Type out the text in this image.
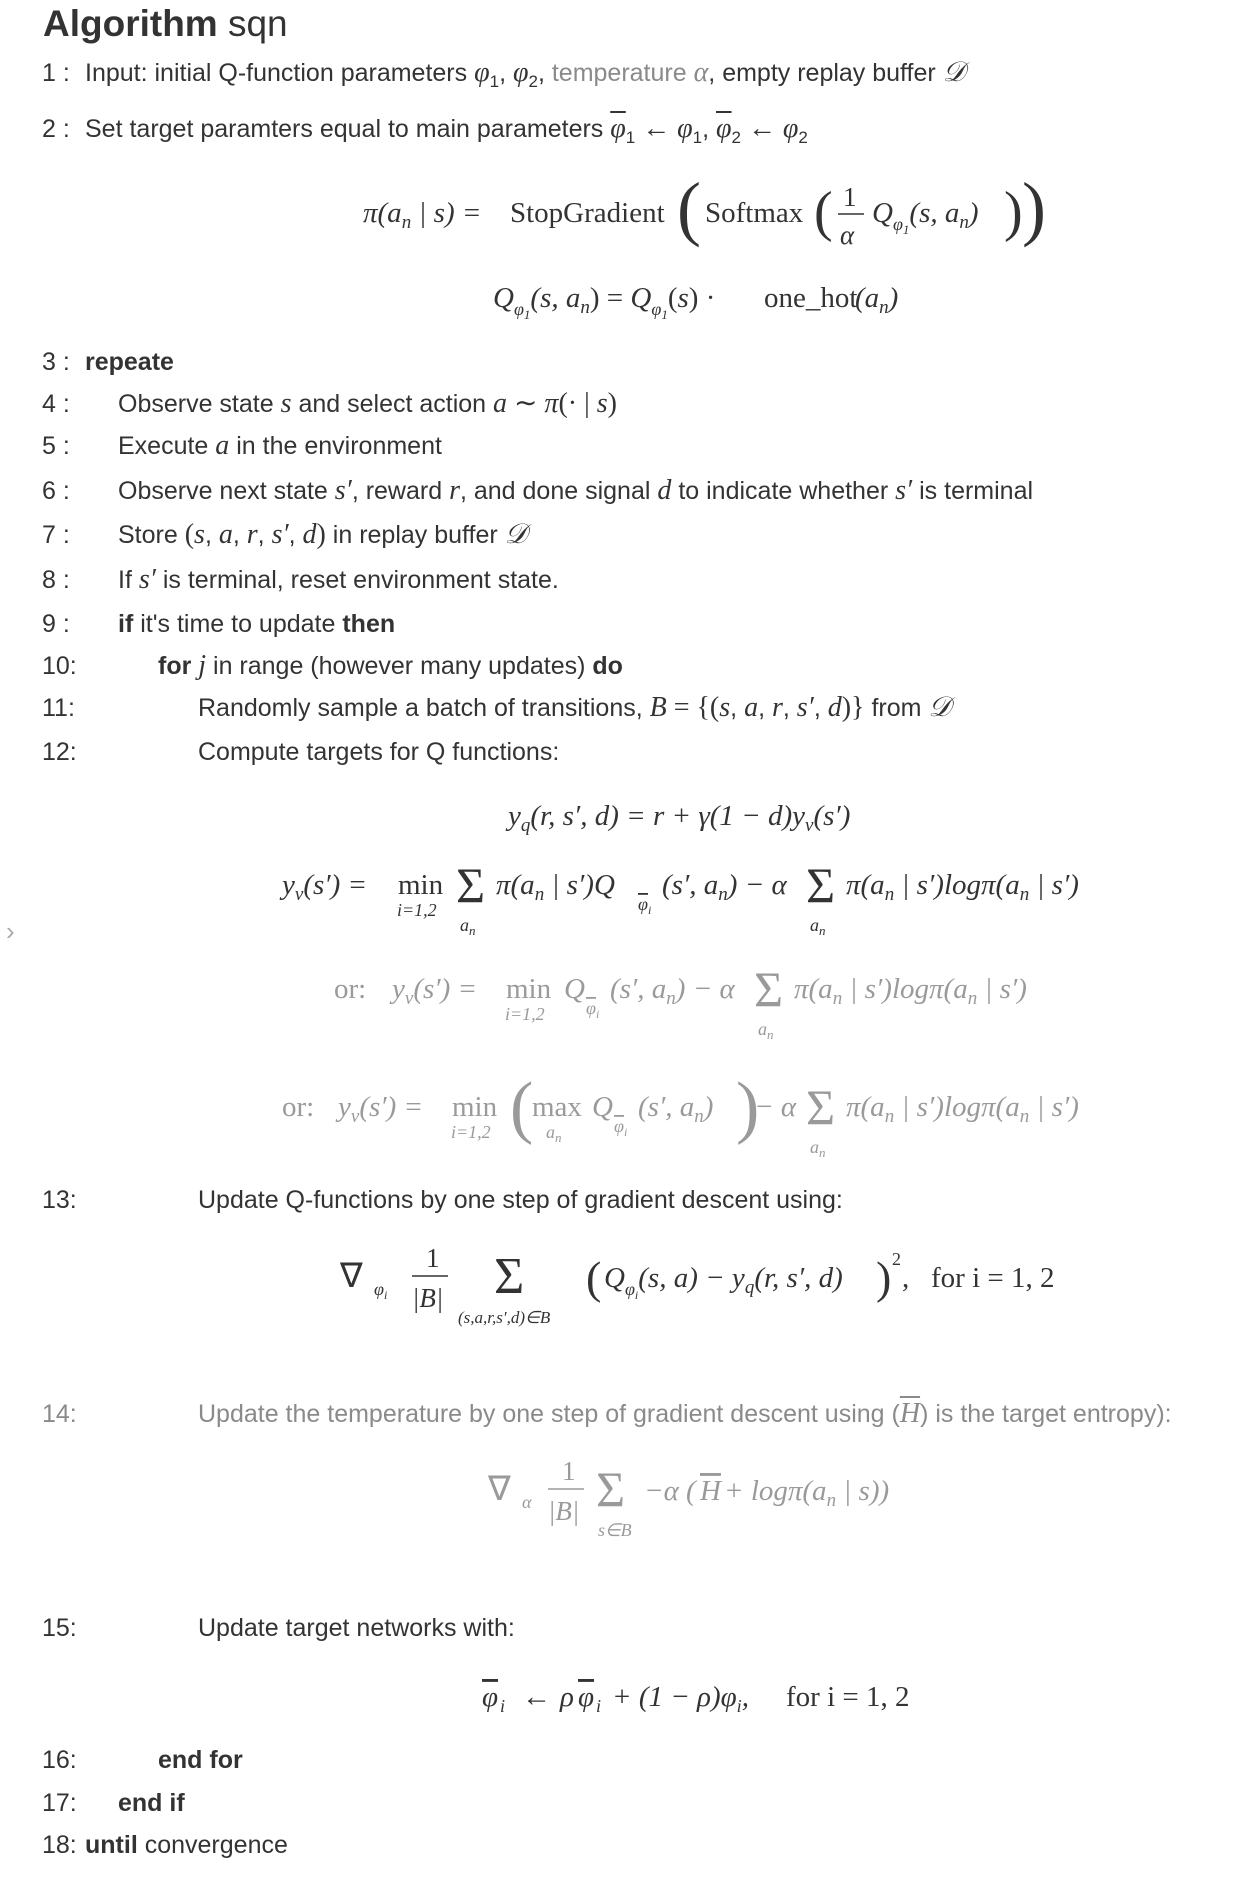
Algorithm sqn
1 : Input: initial Q-function parameters $\varphi_1$, $\varphi_2$, temperature α, empty replay buffer 𝒟
2 : Set target paramters equal to main parameters $\overline{\varphi}_1$ ← $\varphi_1$, $\overline{\varphi}_2$ ← $\varphi_2$
$\pi(a_n$ | s) = StopGradient ( Softmax ( 1
α
$Q_\varphi 1(s$, $a_n$) ) )
$Q_\varphi 1(s$, $a_n) = Q_\varphi 1(s)$ · one_hot
$(a_n)$
3 : repeate
4 :	Observe state s and select action a ∼ π(· | s)
5 :	Execute a in the environment
6 :	Observe next state s′, reward r, and done signal d to indicate whether s′ is terminal
7 :	Store (s, a, r, s′, d) in replay buffer 𝒟
8 :	If s′ is terminal, reset environment state.
9 :	if it's time to update then
10:	for j in range (however many updates) do
11:	Randomly sample a batch of transitions, B = {(s, a, r, s′, d)} from 𝒟
12:	Compute targets for Q functions:
$y_q(r$, s′, $d) = r + \gamma(1 - d)y_v(s')$
$y_v(s') = \min$
i=1,2 Σ
$a_n$
$\pi(a_n$ | s′)Q
φ i
(s′, $a_n) - \alpha$ Σ
$a_n$
$\pi(a_n$ | $s')\log\pi(a_n$ | s′)
or: $y_v(s') = \min$
i=1,2
Q
φ i
(s′, $a_n) - \alpha$ Σ
$a_n$
$\pi(a_n$ | $s')\log\pi(a_n$ | s′)
or: $y_v(s') = \min$
i=1,2 (
max
$a_n$
Q
φ i
(s′, $a_n$) )
− α Σ
$a_n$
$\pi(a_n$ | $s')\log\pi(a_n$ | s′)
13:	Update Q-functions by one step of gradient descent using:
∇ $\varphi_i$
1
|B| Σ
(s,a,r,s′,d)∈B
( $Q_\varphi i(s$, $a) - y_q(r$, s′, d) ) 2
, for i = 1, 2
14:	Update the temperature by one step of gradient descent using $(\overline{H})$ is the target entropy):
∇ α
1
|B| Σ
s∈B
−α ( $H + \log\pi(a_n$ | s))
15:	Update target networks with:
φ i ← ρ φ $i + (1 - \rho)\varphi_i$, for i = 1, 2
16:	end for
17:	end if
18: until convergence
›
